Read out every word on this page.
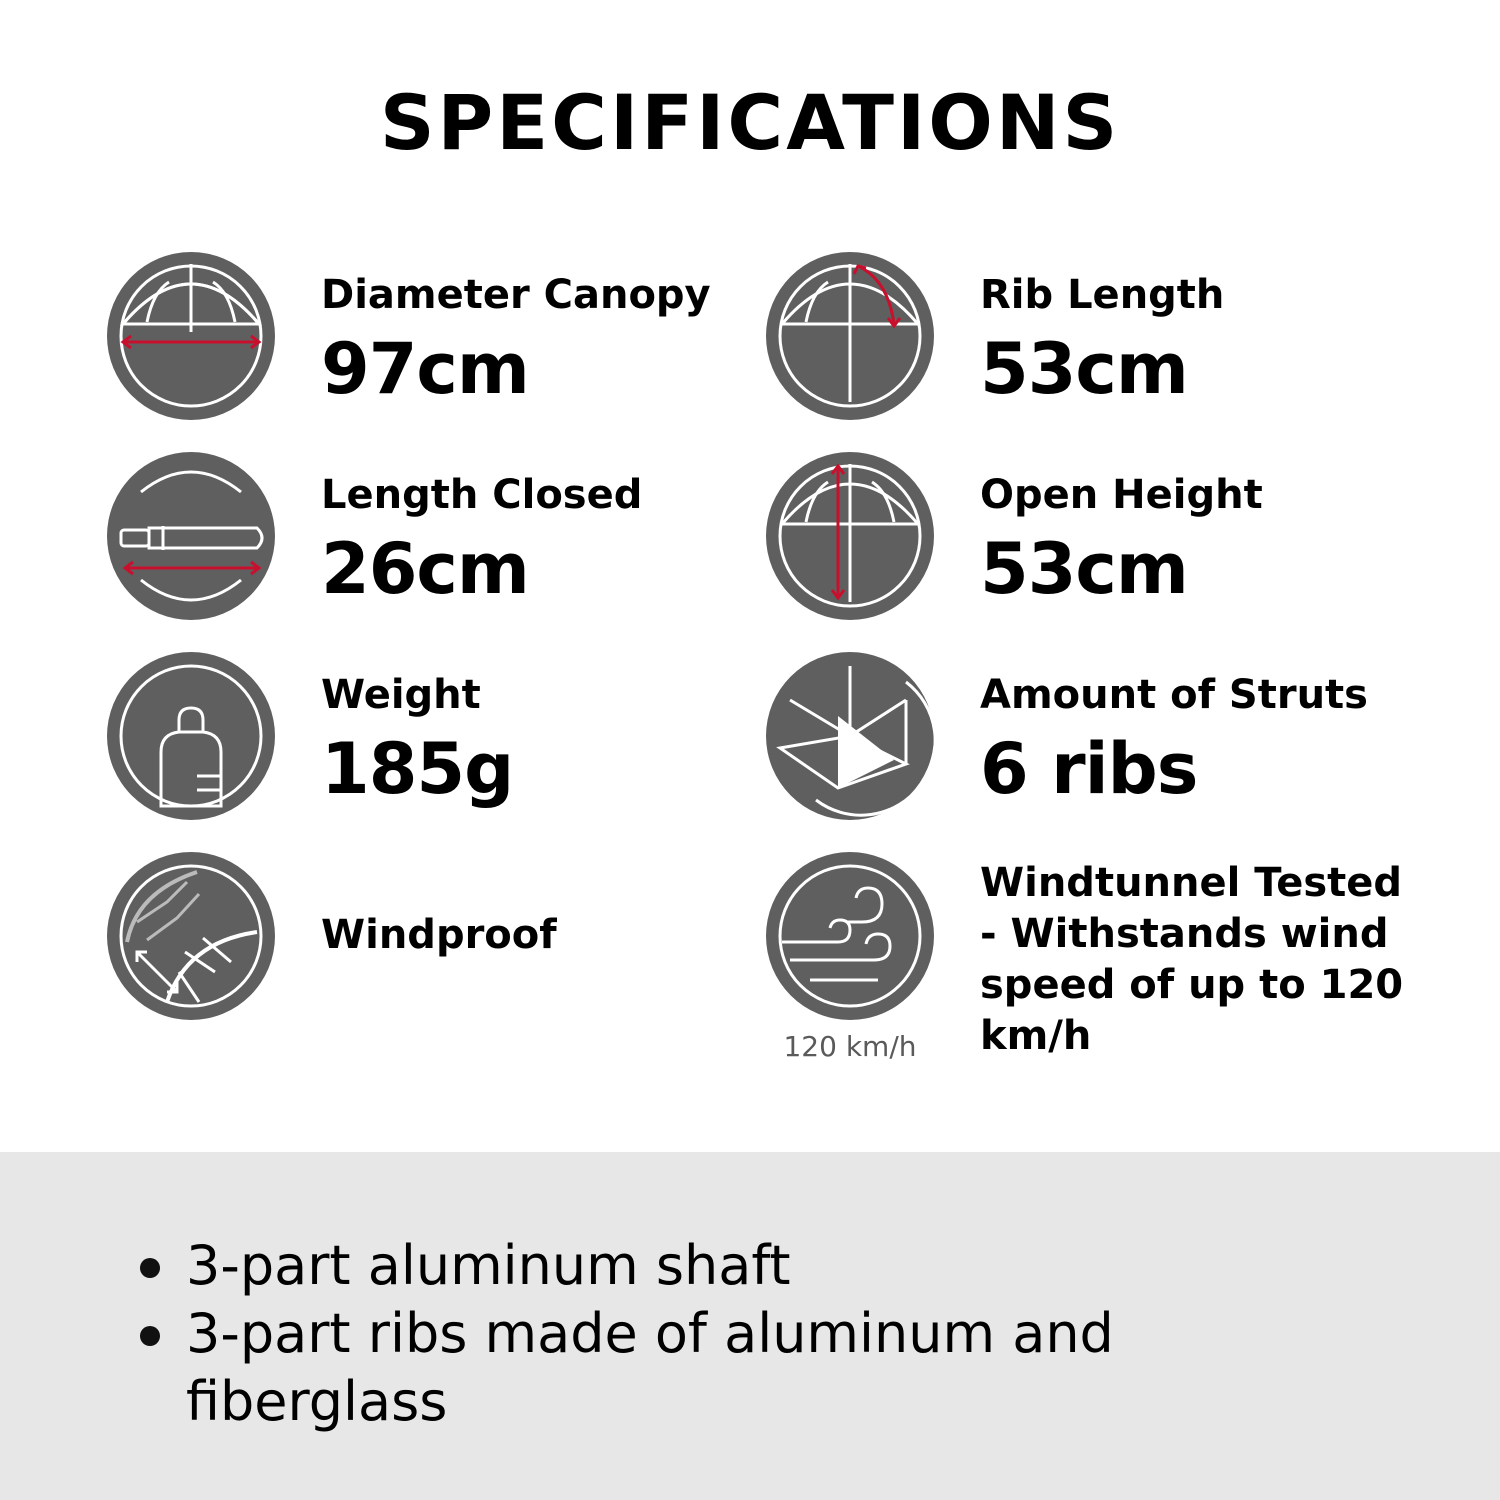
SPECIFICATIONS
Diameter Canopy
97cm
Rib Length
53cm
Length Closed
26cm
Open Height
53cm
Weight
185g
Amount of Struts
6 ribs
Windproof
120 km/h
Windtunnel Tested - Withstands wind speed of up to 120 km/h
3-part aluminum shaft
3-part ribs made of aluminum and fiberglass
